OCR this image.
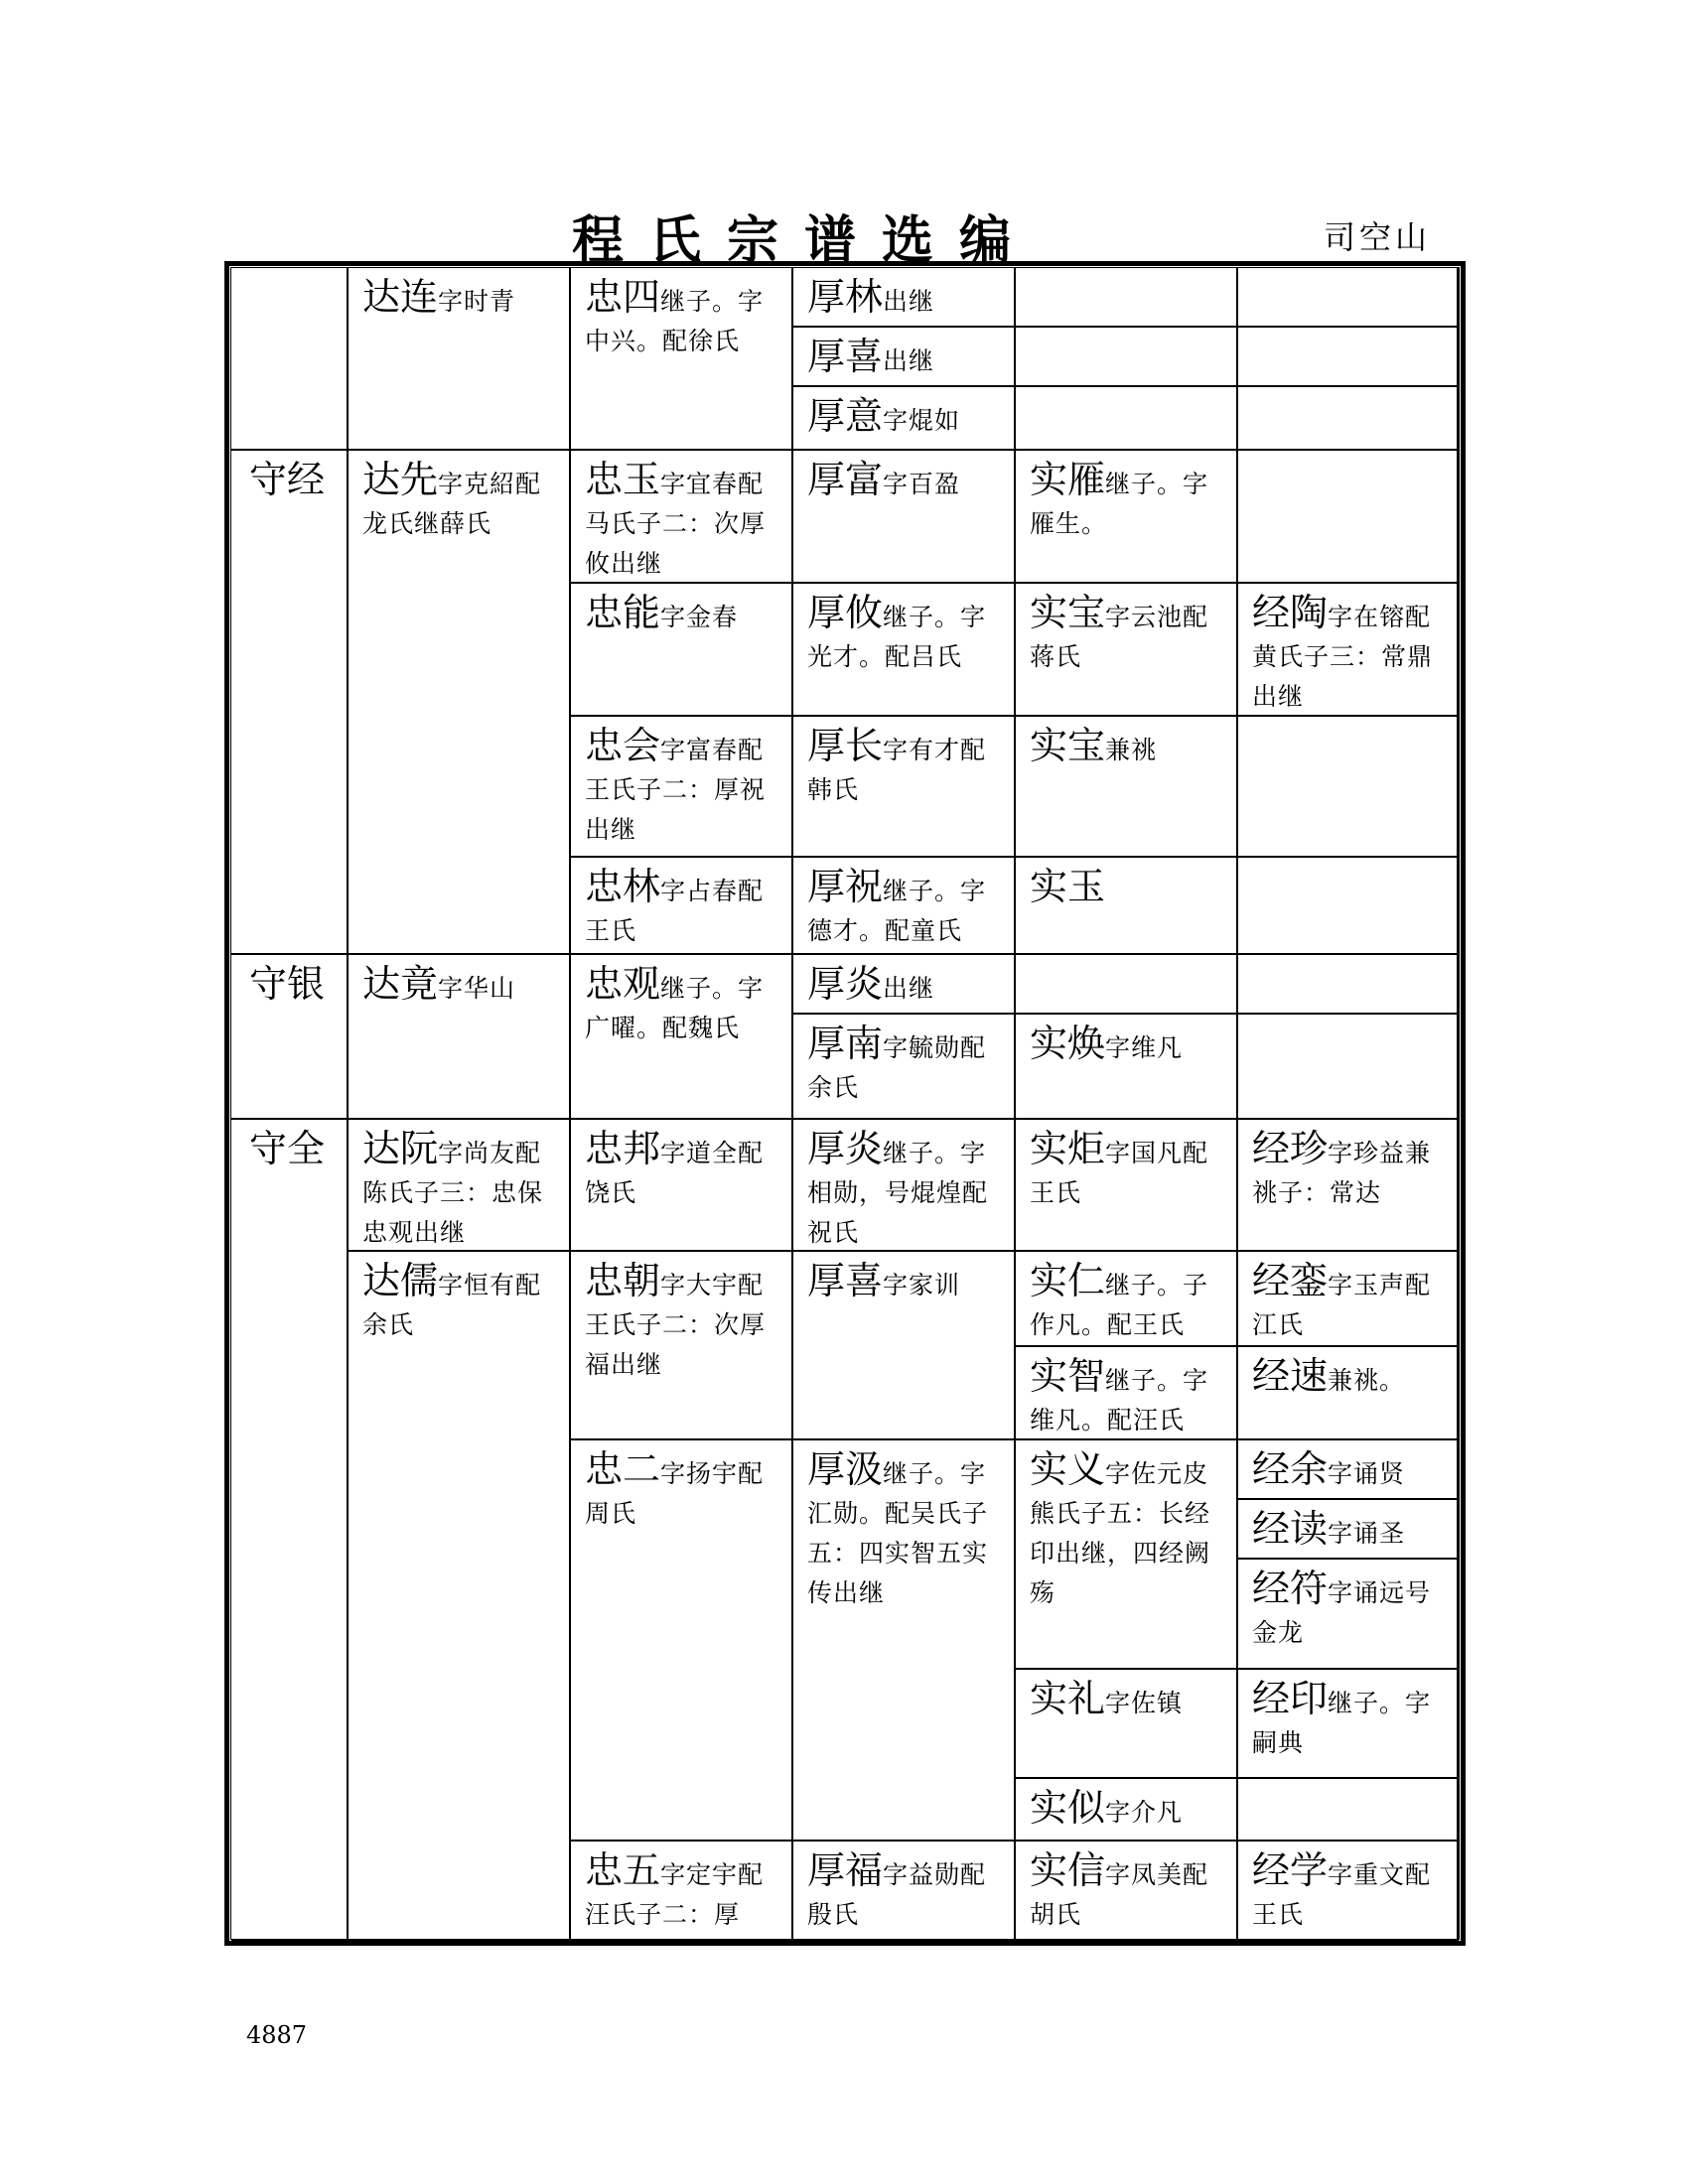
程氏宗谱选编	司空山
守经
守银
守全
达连字时青
达先字克紹配龙氏继薛氏
达竟字华山
达阮字尚友配陈氏子三：忠保忠观出继
达儒字恒有配余氏
忠四继子。字中兴。配徐氏
忠玉字宜春配马氏子二：次厚攸出继
忠能字金春
忠会字富春配王氏子二：厚祝出继
忠林字占春配王氏
忠观继子。字广曜。配魏氏
忠邦字道全配饶氏
忠朝字大宇配王氏子二：次厚福出继
忠二字扬宇配周氏
忠五字定宇配汪氏子二：厚
厚林出继
厚喜出继
厚意字焜如
厚富字百盈
厚攸继子。字光才。配吕氏
厚长字有才配韩氏
厚祝继子。字德才。配童氏
厚炎出继
厚南字毓勋配余氏
厚炎继子。字相勋，号焜煌配祝氏
厚喜字家训
厚汲继子。字汇勋。配吴氏子五：四实智五实传出继
厚福字益勋配殷氏
实雁继子。字雁生。
实宝字云池配蒋氏
实宝兼祧
实玉
实焕字维凡
实炬字国凡配王氏
实仁继子。子作凡。配王氏
实智继子。字维凡。配汪氏
实义字佐元皮熊氏子五：长经印出继，四经阙殇
实礼字佐镇
实似字介凡
实信字凤美配胡氏
经陶字在镕配黄氏子三：常鼎出继
经珍字珍益兼祧子：常达
经銮字玉声配江氏
经速兼祧。
经余字诵贤
经读字诵圣
经符字诵远号金龙
经印继子。字嗣典
经学字重文配王氏
4887
